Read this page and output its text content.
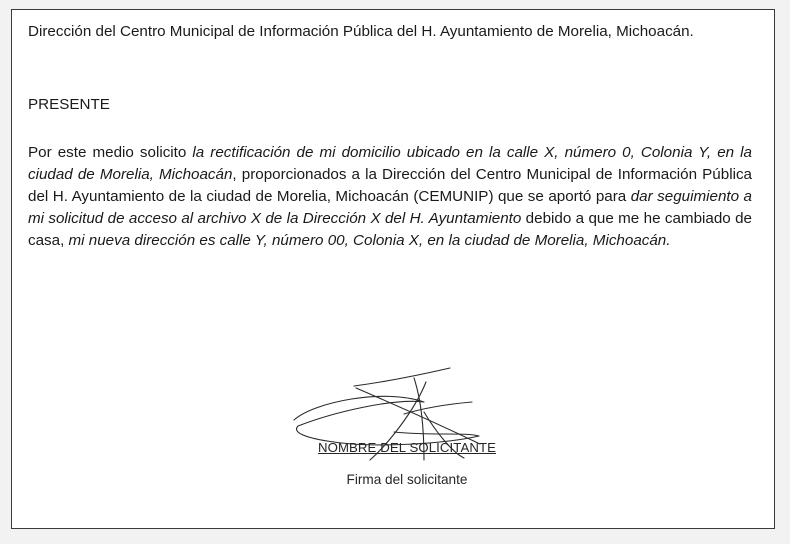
Dirección del Centro Municipal de Información Pública del H. Ayuntamiento de Morelia, Michoacán.

PRESENTE

Por este medio solicito la rectificación de mi domicilio ubicado en la calle X, número 0, Colonia Y, en la ciudad de Morelia, Michoacán, proporcionados a la Dirección del Centro Municipal de Información Pública del H. Ayuntamiento de la ciudad de Morelia, Michoacán (CEMUNIP) que se aportó para dar seguimiento a mi solicitud de acceso al archivo X de la Dirección X del H. Ayuntamiento debido a que me he cambiado de casa, mi nueva dirección es calle Y, número 00, Colonia X, en la ciudad de Morelia, Michoacán.

NOMBRE DEL SOLICITANTE
Firma del solicitante
